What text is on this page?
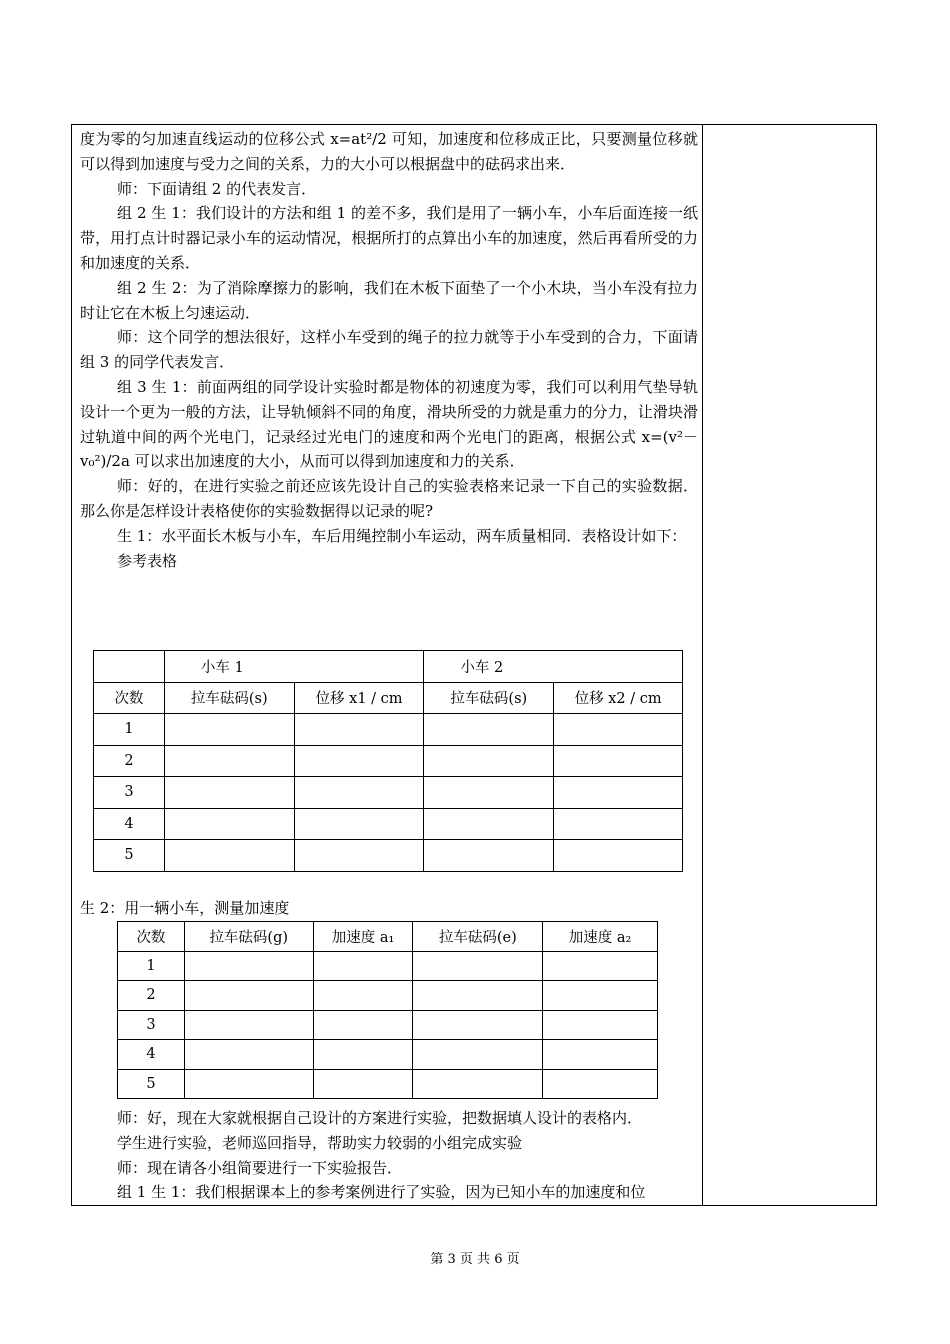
度为零的匀加速直线运动的位移公式 x=at²/2 可知，加速度和位移成正比，只要测量位移就可以得到加速度与受力之间的关系，力的大小可以根据盘中的砝码求出来．

师：下面请组 2 的代表发言．

组 2 生 1：我们设计的方法和组 1 的差不多，我们是用了一辆小车，小车后面连接一纸带，用打点计时器记录小车的运动情况，根据所打的点算出小车的加速度，然后再看所受的力和加速度的关系．

组 2 生 2：为了消除摩擦力的影响，我们在木板下面垫了一个小木块，当小车没有拉力时让它在木板上匀速运动．

师：这个同学的想法很好，这样小车受到的绳子的拉力就等于小车受到的合力，下面请组 3 的同学代表发言．

组 3 生 1：前面两组的同学设计实验时都是物体的初速度为零，我们可以利用气垫导轨设计一个更为一般的方法，让导轨倾斜不同的角度，滑块所受的力就是重力的分力，让滑块滑过轨道中间的两个光电门，记录经过光电门的速度和两个光电门的距离，根据公式 x=(v²－v₀²)/2a 可以求出加速度的大小，从而可以得到加速度和力的关系．

师：好的，在进行实验之前还应该先设计自己的实验表格来记录一下自己的实验数据．那么你是怎样设计表格使你的实验数据得以记录的呢?

生 1：水平面长木板与小车，车后用绳控制小车运动，两车质量相同．表格设计如下：

参考表格

	小车 1		小车 2	
次数	拉车砝码(s)	位移 x1 / cm	拉车砝码(s)	位移 x2 / cm
1				
2				
3				
4				
5				
生 2：用一辆小车，测量加速度
次数	拉车砝码(g)	加速度 a₁	拉车砝码(e)	加速度 a₂
1				
2				
3				
4				
5				

师：好，现在大家就根据自己设计的方案进行实验，把数据填人设计的表格内．

学生进行实验，老师巡回指导，帮助实力较弱的小组完成实验

师：现在请各小组简要进行一下实验报告．

组 1 生 1：我们根据课本上的参考案例进行了实验，因为已知小车的加速度和位

第 3 页 共 6 页
